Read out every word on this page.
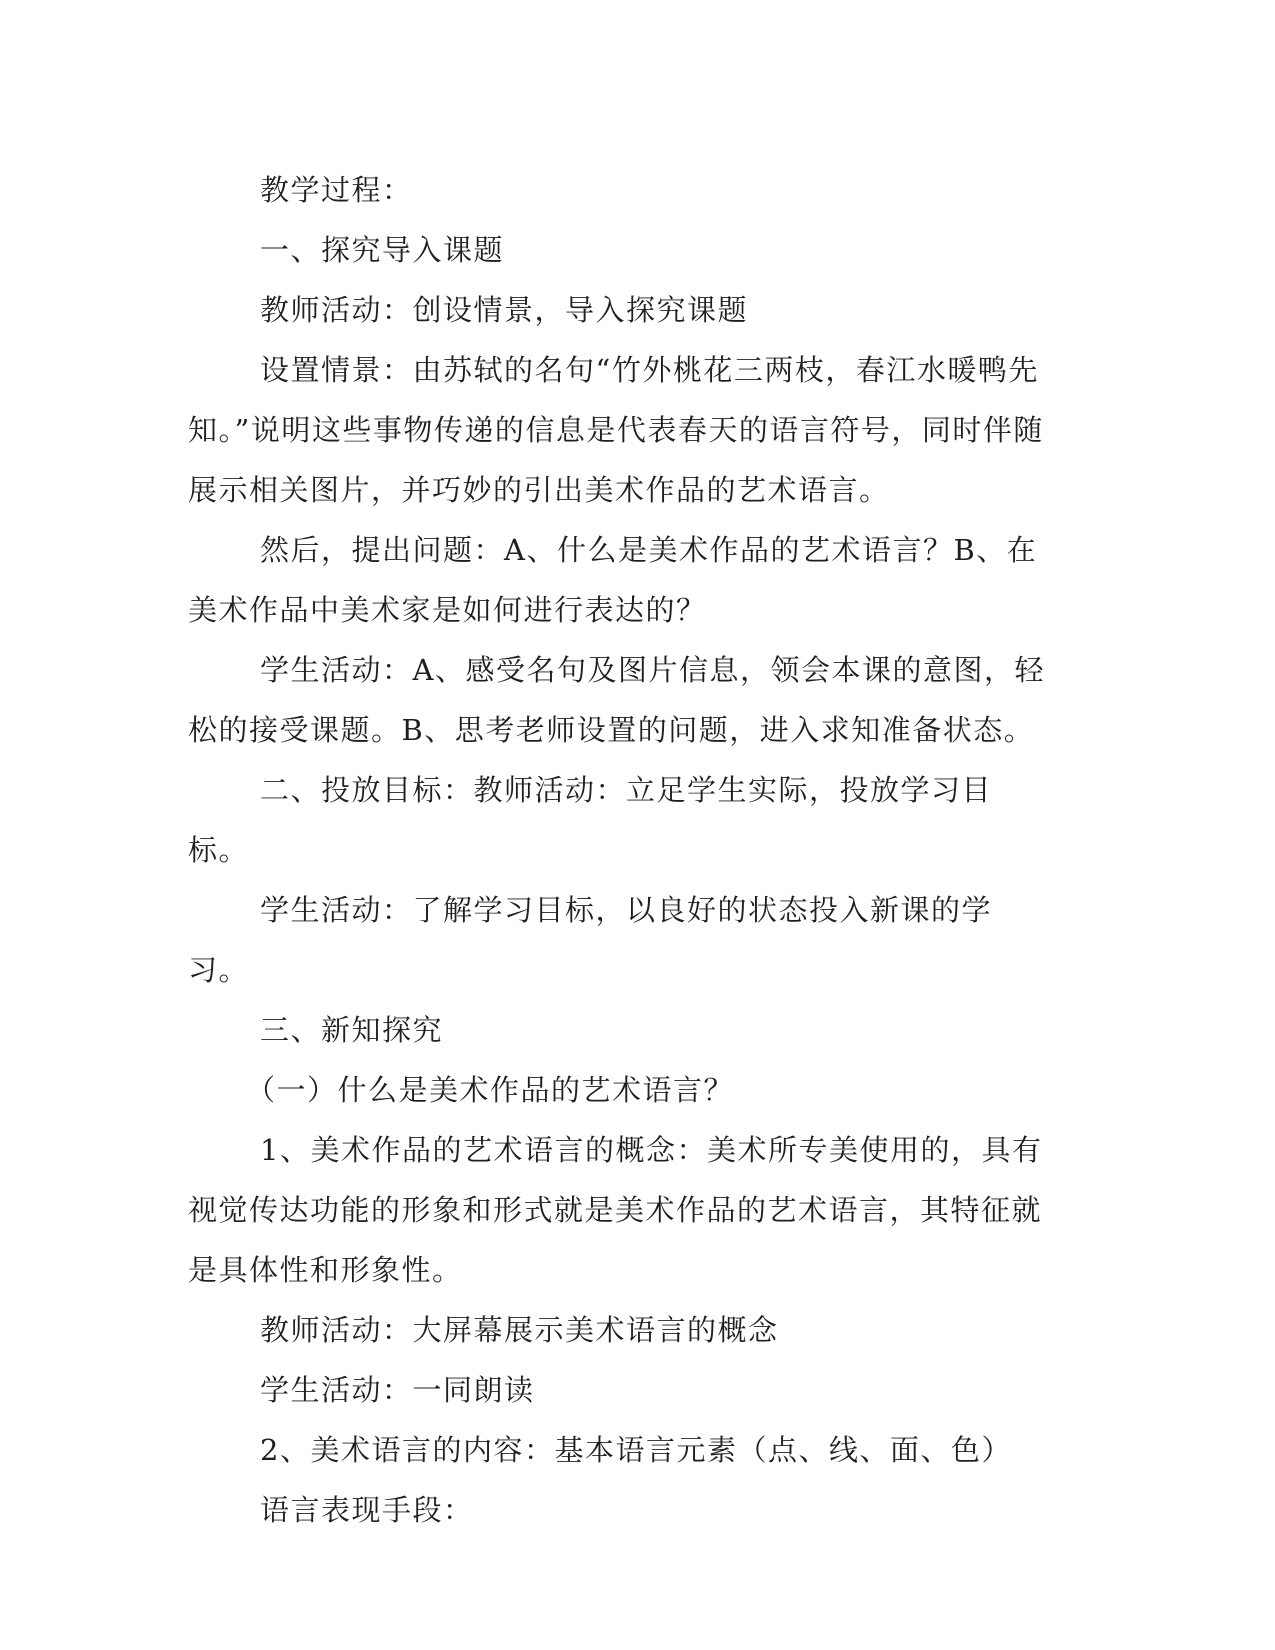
教学过程：

一、探究导入课题

教师活动：创设情景，导入探究课题

设置情景：由苏轼的名句“竹外桃花三两枝，春江水暖鸭先知。”说明这些事物传递的信息是代表春天的语言符号，同时伴随展示相关图片，并巧妙的引出美术作品的艺术语言。

然后，提出问题：A、什么是美术作品的艺术语言？B、在美术作品中美术家是如何进行表达的？

学生活动：A、感受名句及图片信息，领会本课的意图，轻松的接受课题。B、思考老师设置的问题，进入求知准备状态。

二、投放目标：教师活动：立足学生实际，投放学习目标。

学生活动：了解学习目标，以良好的状态投入新课的学习。

三、新知探究

（一）什么是美术作品的艺术语言？

1、美术作品的艺术语言的概念：美术所专美使用的，具有视觉传达功能的形象和形式就是美术作品的艺术语言，其特征就是具体性和形象性。

教师活动：大屏幕展示美术语言的概念

学生活动：一同朗读

2、美术语言的内容：基本语言元素（点、线、面、色）

语言表现手段：
